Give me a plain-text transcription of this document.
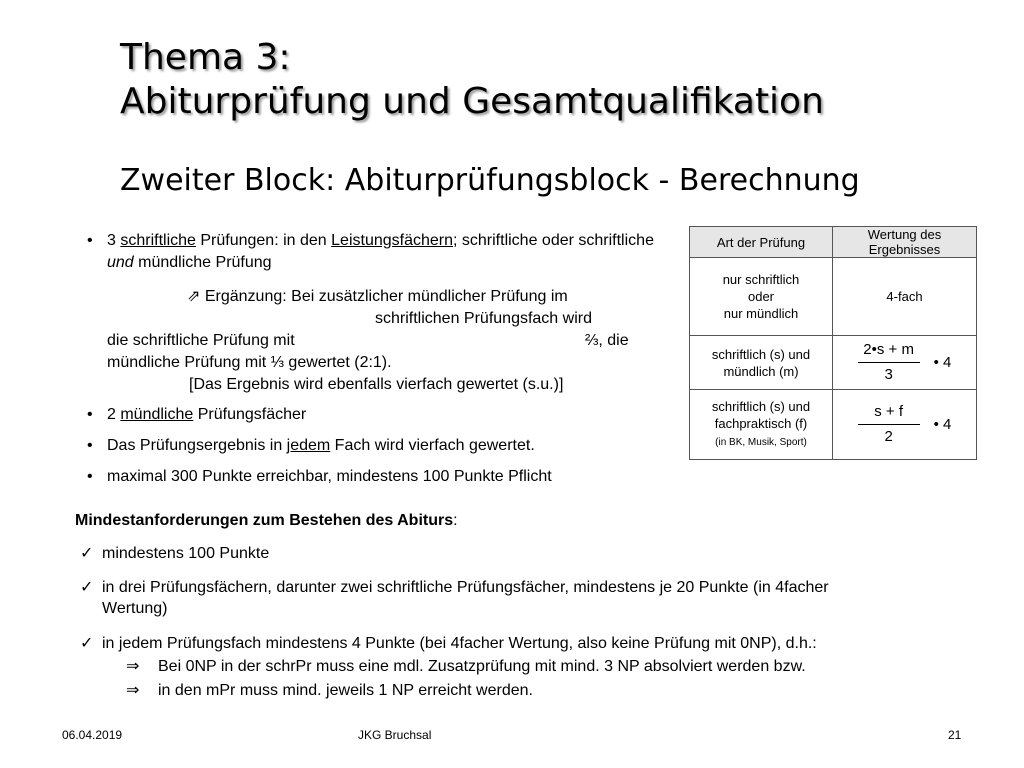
Thema 3:
Abiturprüfung und Gesamtqualifikation
Zweiter Block: Abiturprüfungsblock - Berechnung
• 3 schriftliche Prüfungen: in den Leistungsfächern; schriftliche oder schriftliche und mündliche Prüfung
⇗ Ergänzung: Bei zusätzlicher mündlicher Prüfung im
schriftlichen Prüfungsfach wird
die schriftliche Prüfung mit	⅔, die
mündliche Prüfung mit ⅓ gewertet (2:1).
[Das Ergebnis wird ebenfalls vierfach gewertet (s.u.)]
• 2 mündliche Prüfungsfächer
• Das Prüfungsergebnis in jedem Fach wird vierfach gewertet.
• maximal 300 Punkte erreichbar, mindestens 100 Punkte Pflicht
Art der Prüfung	Wertung des Ergebnisses
nur schriftlich
oder
nur mündlich	4-fach
schriftlich (s) und
mündlich (m)	$\frac{2•s + m}{3}$ • 4
schriftlich (s) und
fachpraktisch (f)
(in BK, Musik, Sport)	$\frac{s + f}{2}$ • 4
Mindestanforderungen zum Bestehen des Abiturs:
✓ mindestens 100 Punkte
✓ in drei Prüfungsfächern, darunter zwei schriftliche Prüfungsfächer, mindestens je 20 Punkte (in 4facher
Wertung)
✓ in jedem Prüfungsfach mindestens 4 Punkte (bei 4facher Wertung, also keine Prüfung mit 0NP), d.h.:
⇒ Bei 0NP in der schrPr muss eine mdl. Zusatzprüfung mit mind. 3 NP absolviert werden bzw.
⇒ in den mPr muss mind. jeweils 1 NP erreicht werden.
06.04.2019	JKG Bruchsal	21
